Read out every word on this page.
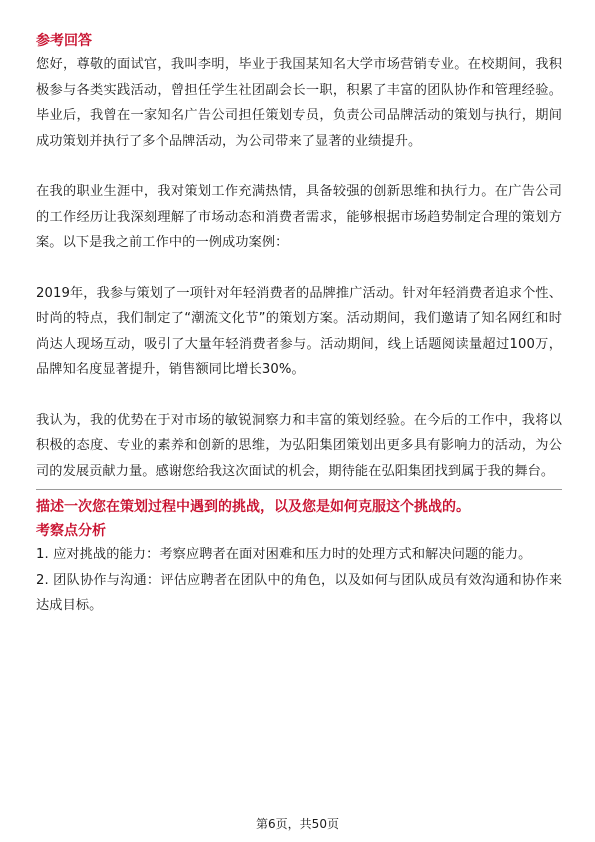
参考回答

您好，尊敬的面试官，我叫李明，毕业于我国某知名大学市场营销专业。在校期间，我积极参与各类实践活动，曾担任学生社团副会长一职，积累了丰富的团队协作和管理经验。毕业后，我曾在一家知名广告公司担任策划专员，负责公司品牌活动的策划与执行，期间成功策划并执行了多个品牌活动，为公司带来了显著的业绩提升。

在我的职业生涯中，我对策划工作充满热情，具备较强的创新思维和执行力。在广告公司的工作经历让我深刻理解了市场动态和消费者需求，能够根据市场趋势制定合理的策划方案。以下是我之前工作中的一例成功案例：

2019年，我参与策划了一项针对年轻消费者的品牌推广活动。针对年轻消费者追求个性、时尚的特点，我们制定了“潮流文化节”的策划方案。活动期间，我们邀请了知名网红和时尚达人现场互动，吸引了大量年轻消费者参与。活动期间，线上话题阅读量超过100万，品牌知名度显著提升，销售额同比增长30%。

我认为，我的优势在于对市场的敏锐洞察力和丰富的策划经验。在今后的工作中，我将以积极的态度、专业的素养和创新的思维，为弘阳集团策划出更多具有影响力的活动，为公司的发展贡献力量。感谢您给我这次面试的机会，期待能在弘阳集团找到属于我的舞台。

描述一次您在策划过程中遇到的挑战，以及您是如何克服这个挑战的。
考察点分析

1. 应对挑战的能力：考察应聘者在面对困难和压力时的处理方式和解决问题的能力。

2. 团队协作与沟通：评估应聘者在团队中的角色，以及如何与团队成员有效沟通和协作来达成目标。

第6页，共50页
